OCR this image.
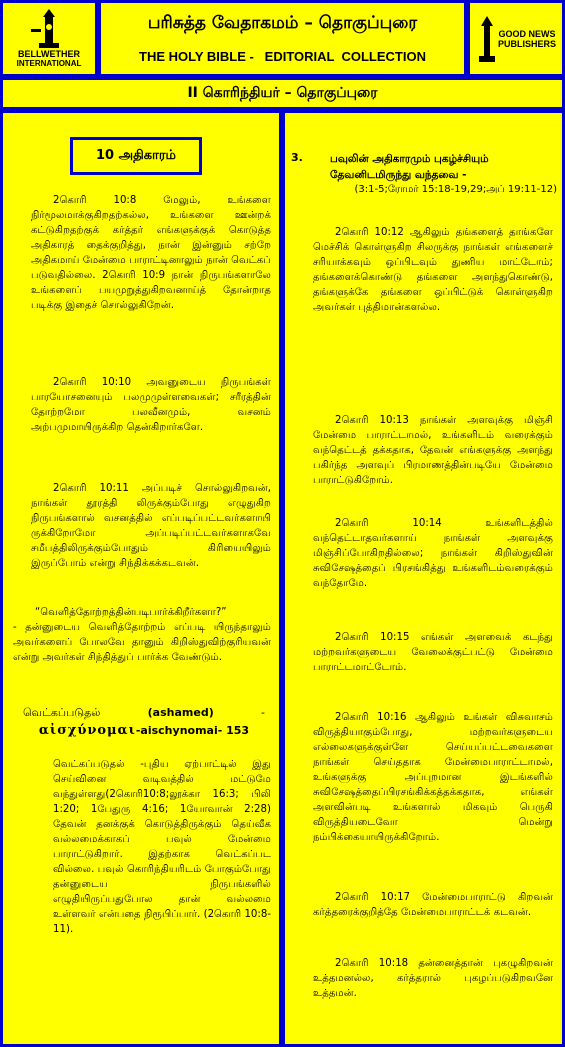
BELLWETHER
INTERNATIONAL
பரிசுத்த வேதாகமம் – தொகுப்புரை
THE HOLY BIBLE -   EDITORIAL  COLLECTION
GOOD NEWS
PUBLISHERS
II கொரிந்தியர் – தொகுப்புரை
10 அதிகாரம்

2கொரி 10:8 மேலும், உங்களை நிர்மூலமாக்குகிறதற்கல்ல, உங்களை ஊன்றக் கட்டுகிறதற்குக் கர்த்தர் எங்களுக்குக் கொடுத்த அதிகாரத் தைக்குறித்து, நான் இன்னும் சற்றே அதிகமாய் மேன்மை பாராட்டினாலும் நான் வெட்கப் படுவதில்லை. 2கொரி 10:9 நான் நிருபங்களாலே உங்களைப் பயமுறுத்துகிறவனாய்த் தோன்றாத படிக்கு இதைச் சொல்லுகிறேன்.

2கொரி 10:10 அவனுடைய நிருபங்கள் பாரயோசனையும் பலமுமுள்ளவைகள்; சரீரத்தின் தோற்றமோ பலவீனமும், வசனம் அற்பமுமாயிருக்கிற தென்கிறார்களே.

2கொரி 10:11 அப்படிச் சொல்லுகிறவன், நாங்கள் தூரத்தி லிருக்கும்போது எழுதுகிற நிருபங்களால் வசனத்தில் எப்படிப்பட்டவர்களாயி ருக்கிறோமோ அப்படிப்பட்டவர்களாகவே சமீபத்திலிருக்கும்போதும் கிரியையிலும் இருப்போம் என்று சிந்திக்கக்கடவன்.

“வெளித்தோற்றத்தின்படிபார்க்கிறீர்களா?”

- தன்னுடைய வெளித்தோற்றம் எப்படி யிருந்தாலும் அவர்களைப் போலவே தானும் கிறிஸ்துவிற்குரியவன் என்று அவர்கள் சிந்தித்துப் பார்க்க வேண்டும்.

வெட்கப்படுதல்	(ashamed)	-
αἰσχύνομαι-aischynomai- 153

வெட்கப்படுதல் -புதிய ஏற்பாட்டில் இது செய்வினை வடிவத்தில் மட்டுமே வந்துள்ளது(2கொரி10:8;லூக்கா 16:3; பிலி 1:20; 1பேதுரு 4:16; 1யோவான் 2:28) தேவன் தனக்குக் கொடுத்திருக்கும் தெய்வீக வல்லமைக்காகப் பவுல் மேன்மை பாராட்டுகிறார். இதற்காக வெட்கப்பட வில்லை. பவுல் கொரிந்தியரிடம் போகும்போது தன்னுடைய நிருபங்களில் எழுதியிருப்பதுபோல தான் வல்லமை உள்ளவர் என்பதை நிரூபிப்பார். (2கொரி 10:8-11).

3.	பவுலின் அதிகாரமும் புகழ்ச்சியும் தேவனிடமிருந்து வந்தவை -
(3:1-5;ரோமர் 15:18-19,29;அப் 19:11-12)

2கொரி 10:12 ஆகிலும் தங்களைத் தாங்களே மெச்சிக் கொள்ளுகிற சிலருக்கு நாங்கள் எங்களைச் சரியாக்கவும் ஒப்பிடவும் துணிய மாட்டோம்; தங்களைக்கொண்டு தங்களை அளந்துகொண்டு, தங்களுக்கே தங்களை ஒப்பிட்டுக் கொள்ளுகிற அவர்கள் புத்திமான்களல்ல.

2கொரி 10:13 நாங்கள் அளவுக்கு மிஞ்சி மேன்மை பாராட்டாமல், உங்களிடம் வரைக்கும் வந்தெட்டத் தக்கதாக, தேவன் எங்களுக்கு அளந்து பகிர்ந்த அளவுப் பிரமாணத்தின்படியே மேன்மை பாராட்டுகிறோம்.

2கொரி 10:14 உங்களிடத்தில் வந்தெட்டாதவர்களாய் நாங்கள் அளவுக்கு மிஞ்சிப்போகிறதில்லை; நாங்கள் கிறிஸ்துவின் சுவிசேஷத்தைப் பிரசங்கித்து உங்களிடம்வரைக்கும் வந்தோமே.

2கொரி 10:15 எங்கள் அளவைக் கடந்து மற்றவர்களுடைய வேலைக்குட்பட்டு மேன்மை பாராட்டமாட்டோம்.

2கொரி 10:16 ஆகிலும் உங்கள் விசுவாசம் விருத்தியாகும்போது, மற்றவர்களுடைய எல்லைகளுக்குள்ளே செய்யப்பட்டவைகளை நாங்கள் செய்ததாக மேன்மைபாராட்டாமல், உங்களுக்கு அப்புறமான இடங்களில் சுவிசேஷத்தைப்பிரசங்கிக்கத்தக்கதாக, எங்கள் அளவின்படி உங்களால் மிகவும் பெருகி விருத்தியடைவோ மென்று நம்பிக்கையாயிருக்கிறோம்.

2கொரி 10:17 மேன்மைபாராட்டு கிறவன் கர்த்தரைக்குறித்தே மேன்மைபாராட்டக் கடவன்.

2கொரி 10:18 தன்னைத்தான் புகழுகிறவன் உத்தமனல்ல, கர்த்தரால் புகழப்படுகிறவனே உத்தமன்.
